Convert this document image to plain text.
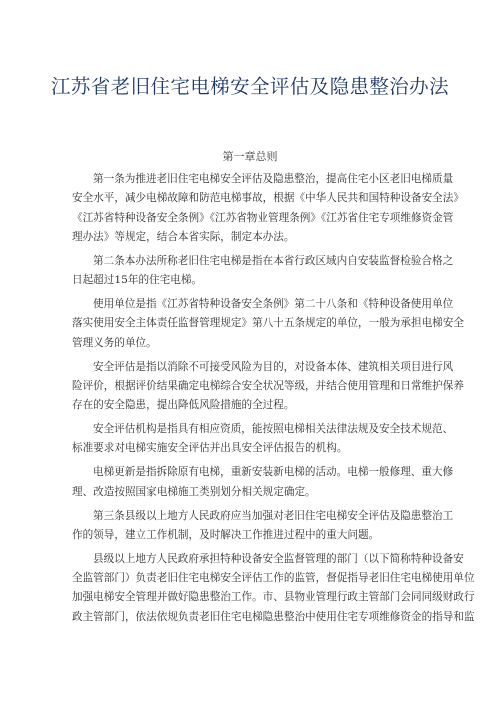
江苏省老旧住宅电梯安全评估及隐患整治办法
第一章总则
第一条为推进老旧住宅电梯安全评估及隐患整治，提高住宅小区老旧电梯质量
安全水平，减少电梯故障和防范电梯事故，根据《中华人民共和国特种设备安全法》
《江苏省特种设备安全条例》《江苏省物业管理条例》《江苏省住宅专项维修资金管
理办法》等规定，结合本省实际，制定本办法。
第二条本办法所称老旧住宅电梯是指在本省行政区域内自安装监督检验合格之
日起超过15年的住宅电梯。
使用单位是指《江苏省特种设备安全条例》第二十八条和《特种设备使用单位
落实使用安全主体责任监督管理规定》第八十五条规定的单位，一般为承担电梯安全
管理义务的单位。
安全评估是指以消除不可接受风险为目的，对设备本体、建筑相关项目进行风
险评价，根据评价结果确定电梯综合安全状况等级，并结合使用管理和日常维护保养
存在的安全隐患，提出降低风险措施的全过程。
安全评估机构是指具有相应资质，能按照电梯相关法律法规及安全技术规范、
标准要求对电梯实施安全评估并出具安全评估报告的机构。
电梯更新是指拆除原有电梯，重新安装新电梯的活动。电梯一般修理、重大修
理、改造按照国家电梯施工类别划分相关规定确定。
第三条县级以上地方人民政府应当加强对老旧住宅电梯安全评估及隐患整治工
作的领导，建立工作机制，及时解决工作推进过程中的重大问题。
县级以上地方人民政府承担特种设备安全监督管理的部门（以下简称特种设备安
全监管部门）负责老旧住宅电梯安全评估工作的监管，督促指导老旧住宅电梯使用单位
加强电梯安全管理并做好隐患整治工作。市、县物业管理行政主管部门会同同级财政行
政主管部门，依法依规负责老旧住宅电梯隐患整治中使用住宅专项维修资金的指导和监
